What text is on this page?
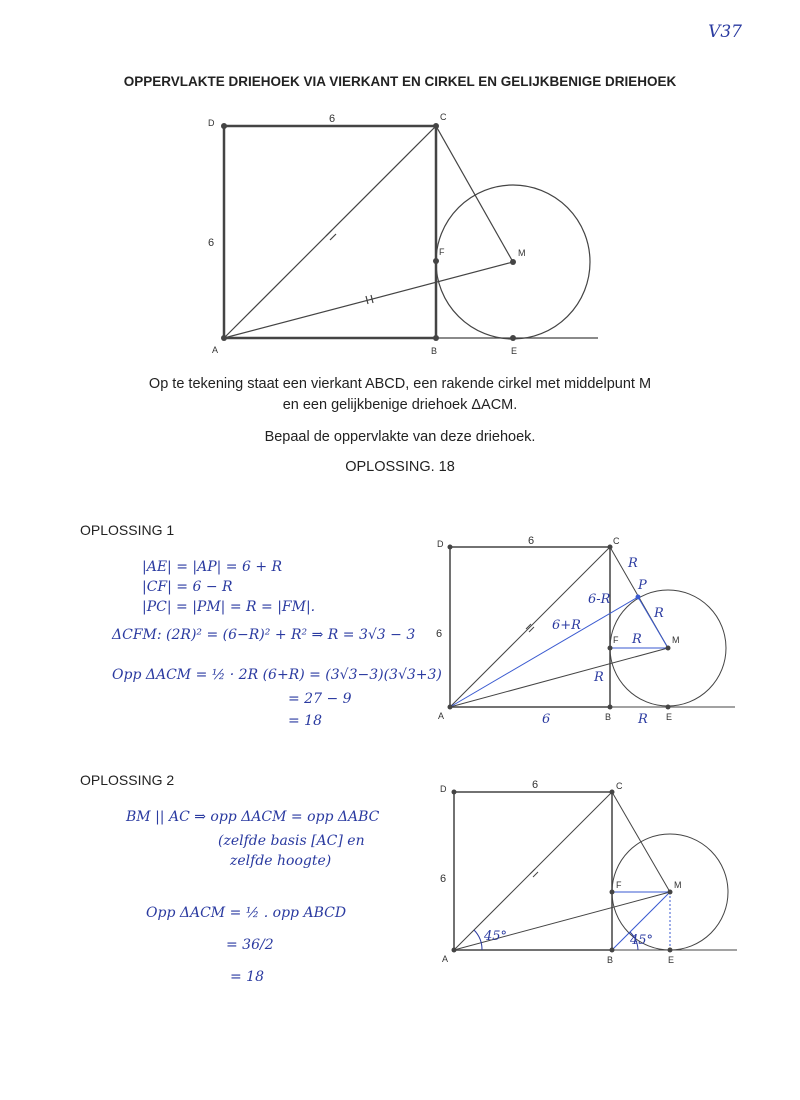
V37
OPPERVLAKTE DRIEHOEK VIA VIERKANT EN CIRKEL EN GELIJKBENIGE DRIEHOEK
D
C
A	B	E
F	M
6
6
Op te tekening staat een vierkant ABCD, een rakende cirkel met middelpunt M
en een gelijkbenige driehoek ΔACM.
Bepaal de oppervlakte van deze driehoek.
OPLOSSING. 18
OPLOSSING 1
|AE| = |AP| = 6 + R
|CF| = 6 − R
|PC| = |PM| = R = |FM|.
ΔCFM: (2R)² = (6−R)² + R² ⇒ R = 3√3 − 3
Opp ΔACM = ½ · 2R (6+R) = (3√3−3)(3√3+3)
= 27 − 9
= 18
D	C
A	B	E
F	M
6
6
R
6-R
P
R
6+R
R
R
6	R
OPLOSSING 2
BM || AC ⇒ opp ΔACM = opp ΔABC
(zelfde basis [AC] en
zelfde hoogte)
Opp ΔACM = ½ . opp ABCD
= 36/2
= 18
D	C
A	B	E
F	M
6
6
45°	45°
